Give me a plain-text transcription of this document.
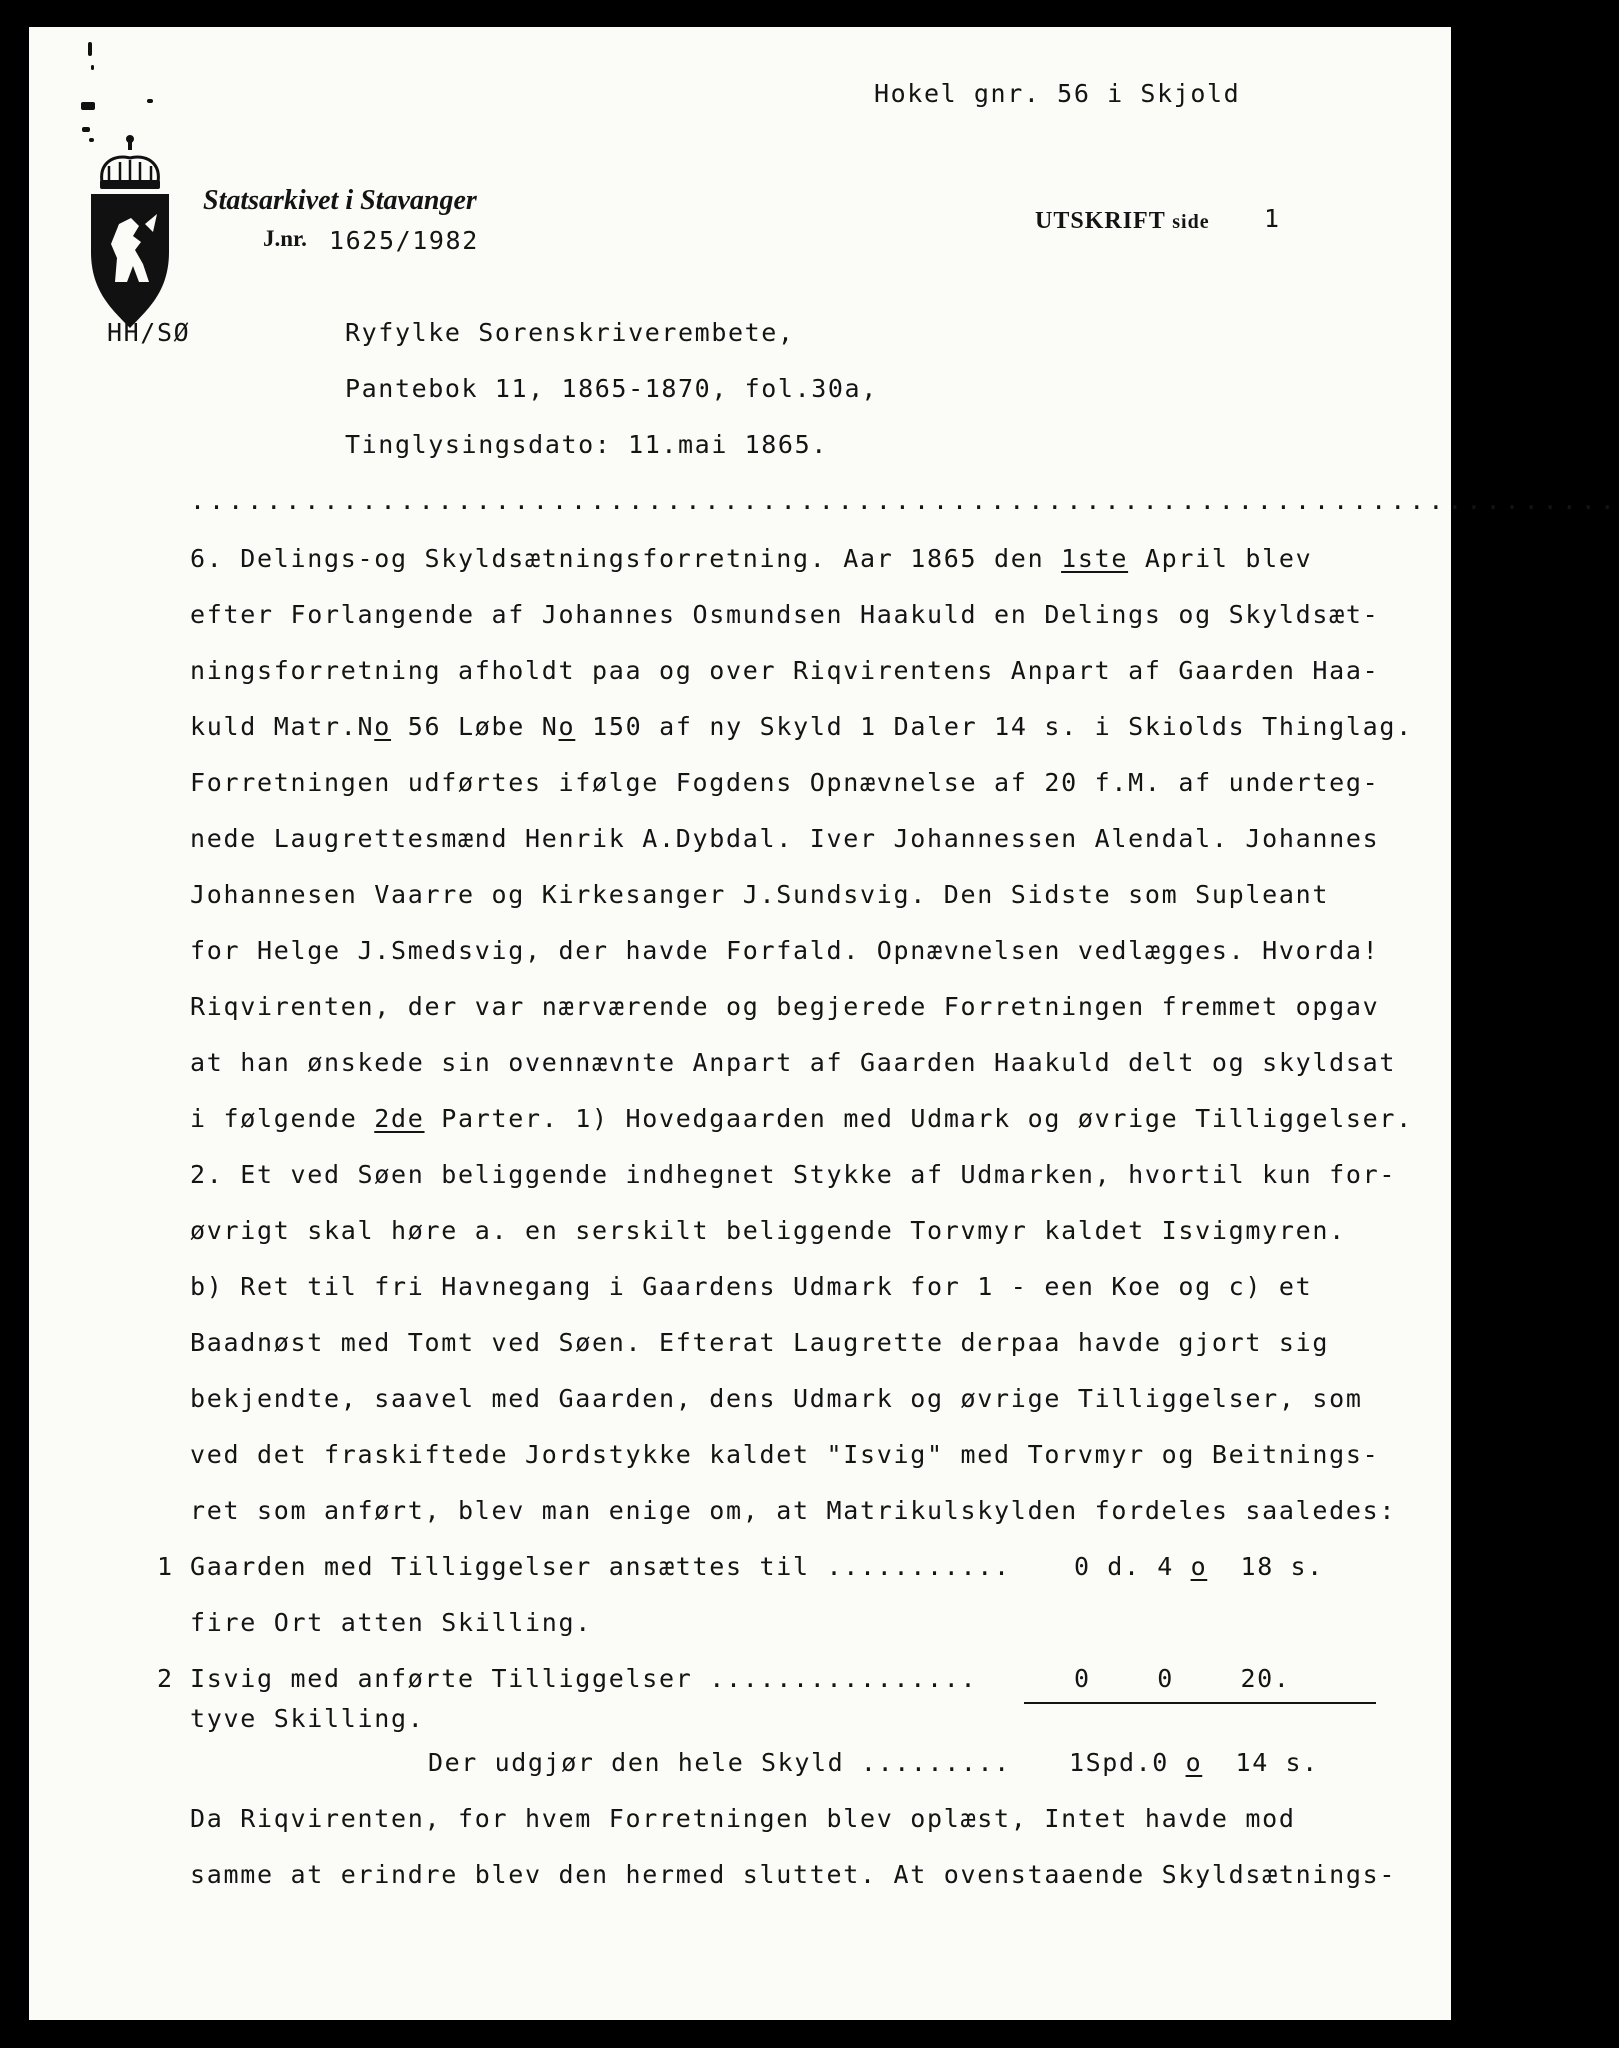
Statsarkivet i Stavanger
J.nr. 1625/1982
Hokel gnr. 56 i Skjold
UTSKRIFT side 1
HH/SØ	Ryfylke Sorenskriverembete,
Pantebok 11, 1865-1870, fol.30a,
Tinglysingsdato: 11.mai 1865.
...........................................................................
6. Delings-og Skyldsætningsforretning. Aar 1865 den 1ste April blev
efter Forlangende af Johannes Osmundsen Haakuld en Delings og Skyldsæt-
ningsforretning afholdt paa og over Riqvirentens Anpart af Gaarden Haa-
kuld Matr.No 56 Løbe No 150 af ny Skyld 1 Daler 14 s. i Skiolds Thinglag.
Forretningen udførtes ifølge Fogdens Opnævnelse af 20 f.M. af underteg-
nede Laugrettesmænd Henrik A.Dybdal. Iver Johannessen Alendal. Johannes
Johannesen Vaarre og Kirkesanger J.Sundsvig. Den Sidste som Supleant
for Helge J.Smedsvig, der havde Forfald. Opnævnelsen vedlægges. Hvorda!
Riqvirenten, der var nærværende og begjerede Forretningen fremmet opgav
at han ønskede sin ovennævnte Anpart af Gaarden Haakuld delt og skyldsat
i følgende 2de Parter. 1) Hovedgaarden med Udmark og øvrige Tilliggelser.
2. Et ved Søen beliggende indhegnet Stykke af Udmarken, hvortil kun for-
øvrigt skal høre a. en serskilt beliggende Torvmyr kaldet Isvigmyren.
b) Ret til fri Havnegang i Gaardens Udmark for 1 - een Koe og c) et
Baadnøst med Tomt ved Søen. Efterat Laugrette derpaa havde gjort sig
bekjendte, saavel med Gaarden, dens Udmark og øvrige Tilliggelser, som
ved det fraskiftede Jordstykke kaldet "Isvig" med Torvmyr og Beitnings-
ret som anført, blev man enige om, at Matrikulskylden fordeles saaledes:
1 Gaarden med Tilliggelser ansættes til ...........	0 d. 4 o 18 s.
fire Ort atten Skilling.
2 Isvig med anførte Tilliggelser ................	0    0    20.
tyve Skilling.
Der udgjør den hele Skyld ......... 1Spd.0 o 14 s.
Da Riqvirenten, for hvem Forretningen blev oplæst, Intet havde mod
samme at erindre blev den hermed sluttet. At ovenstaaende Skyldsætnings-
